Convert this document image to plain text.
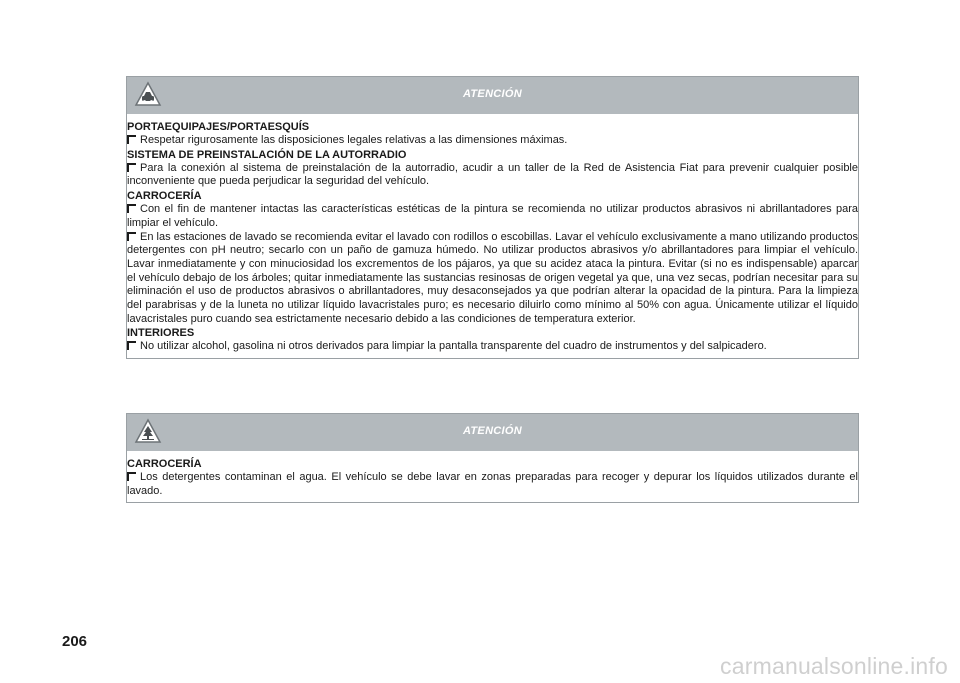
ATENCIÓN
PORTAEQUIPAJES/PORTAESQUÍS

Respetar rigurosamente las disposiciones legales relativas a las dimensiones máximas.

SISTEMA DE PREINSTALACIÓN DE LA AUTORRADIO

Para la conexión al sistema de preinstalación de la autorradio, acudir a un taller de la Red de Asistencia Fiat para prevenir cualquier posible inconveniente que pueda perjudicar la seguridad del vehículo.

CARROCERÍA

Con el fin de mantener intactas las características estéticas de la pintura se recomienda no utilizar productos abrasivos ni abrillantadores para limpiar el vehículo.

En las estaciones de lavado se recomienda evitar el lavado con rodillos o escobillas. Lavar el vehículo exclusivamente a mano utilizando productos detergentes con pH neutro; secarlo con un paño de gamuza húmedo. No utilizar productos abrasivos y/o abrillantadores para limpiar el vehículo. Lavar inmediatamente y con minuciosidad los excrementos de los pájaros, ya que su acidez ataca la pintura. Evitar (si no es indispensable) aparcar el vehículo debajo de los árboles; quitar inmediatamente las sustancias resinosas de origen vegetal ya que, una vez secas, podrían necesitar para su eliminación el uso de productos abrasivos o abrillantadores, muy desaconsejados ya que podrían alterar la opacidad de la pintura. Para la limpieza del parabrisas y de la luneta no utilizar líquido lavacristales puro; es necesario diluirlo como mínimo al 50% con agua. Únicamente utilizar el líquido lavacristales puro cuando sea estrictamente necesario debido a las condiciones de temperatura exterior.

INTERIORES

No utilizar alcohol, gasolina ni otros derivados para limpiar la pantalla transparente del cuadro de instrumentos y del salpicadero.

ATENCIÓN
CARROCERÍA

Los detergentes contaminan el agua. El vehículo se debe lavar en zonas preparadas para recoger y depurar los líquidos utilizados durante el lavado.

206
carmanualsonline.info
